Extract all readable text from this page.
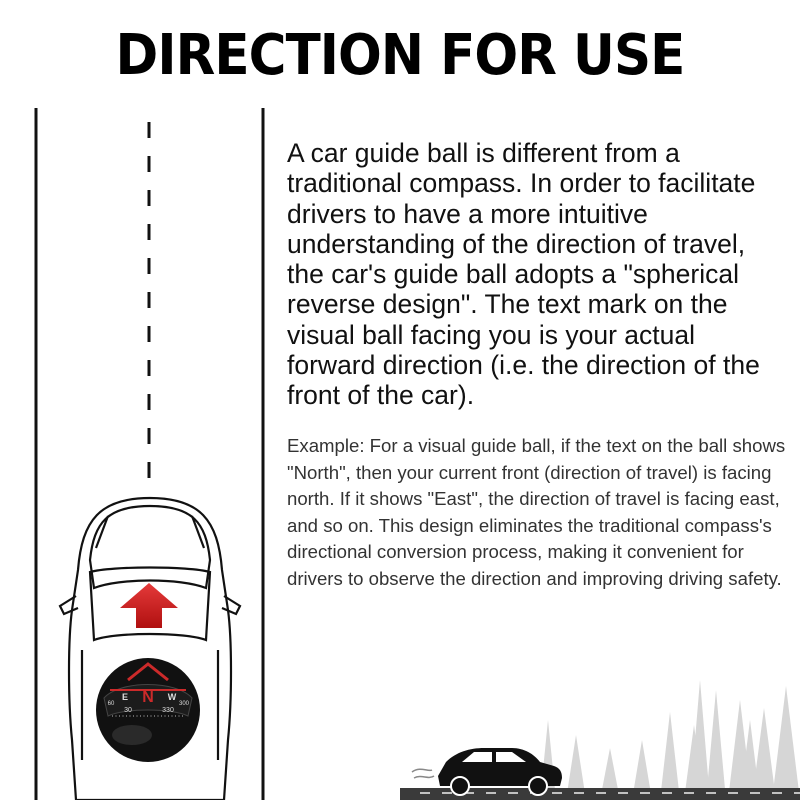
DIRECTION FOR USE
N
E	W
30	330
60	300

A car guide ball is different from a traditional compass. In order to facilitate drivers to have a more intuitive understanding of the direction of travel, the car's guide ball adopts a "spherical reverse design". The text mark on the visual ball facing you is your actual forward direction (i.e. the direction of the front of the car).

Example: For a visual guide ball, if the text on the ball shows "North", then your current front (direction of travel) is facing north. If it shows "East", the direction of travel is facing east, and so on. This design eliminates the traditional compass's directional conversion process, making it convenient for drivers to observe the direction and improving driving safety.
